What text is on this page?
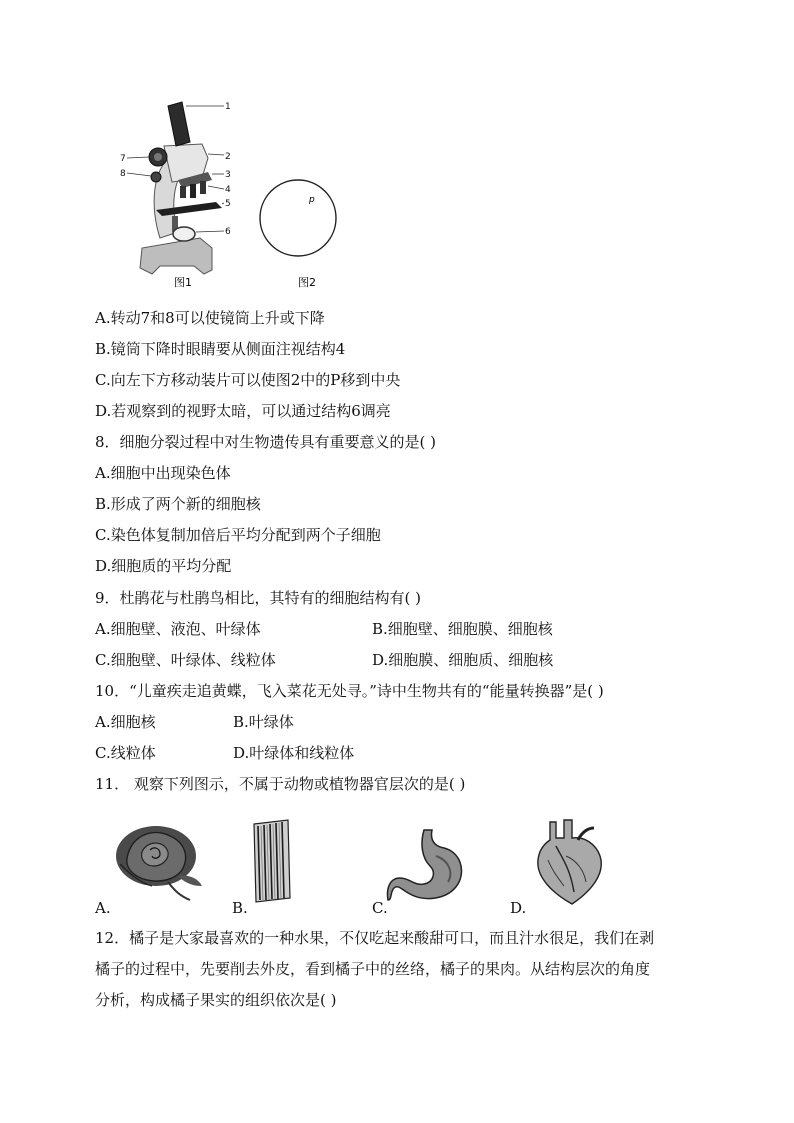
1
2
3
4
5
6
7
8
图1
p
图2
A.转动7和8可以使镜筒上升或下降
B.镜筒下降时眼睛要从侧面注视结构4
C.向左下方移动装片可以使图2中的P移到中央
D.若观察到的视野太暗，可以通过结构6调亮
8．细胞分裂过程中对生物遗传具有重要意义的是( )
A.细胞中出现染色体
B.形成了两个新的细胞核
C.染色体复制加倍后平均分配到两个子细胞
D.细胞质的平均分配
9．杜鹃花与杜鹃鸟相比，其特有的细胞结构有( )
A.细胞壁、液泡、叶绿体	B.细胞壁、细胞膜、细胞核
C.细胞壁、叶绿体、线粒体	D.细胞膜、细胞质、细胞核
10．“儿童疾走追黄蝶，飞入菜花无处寻。”诗中生物共有的“能量转换器”是( )
A.细胞核	B.叶绿体
C.线粒体	D.叶绿体和线粒体
11． 观察下列图示，不属于动物或植物器官层次的是( )
A.	B.	C.	D.
12．橘子是大家最喜欢的一种水果，不仅吃起来酸甜可口，而且汁水很足，我们在剥
橘子的过程中，先要削去外皮，看到橘子中的丝络，橘子的果肉。从结构层次的角度
分析，构成橘子果实的组织依次是( )
